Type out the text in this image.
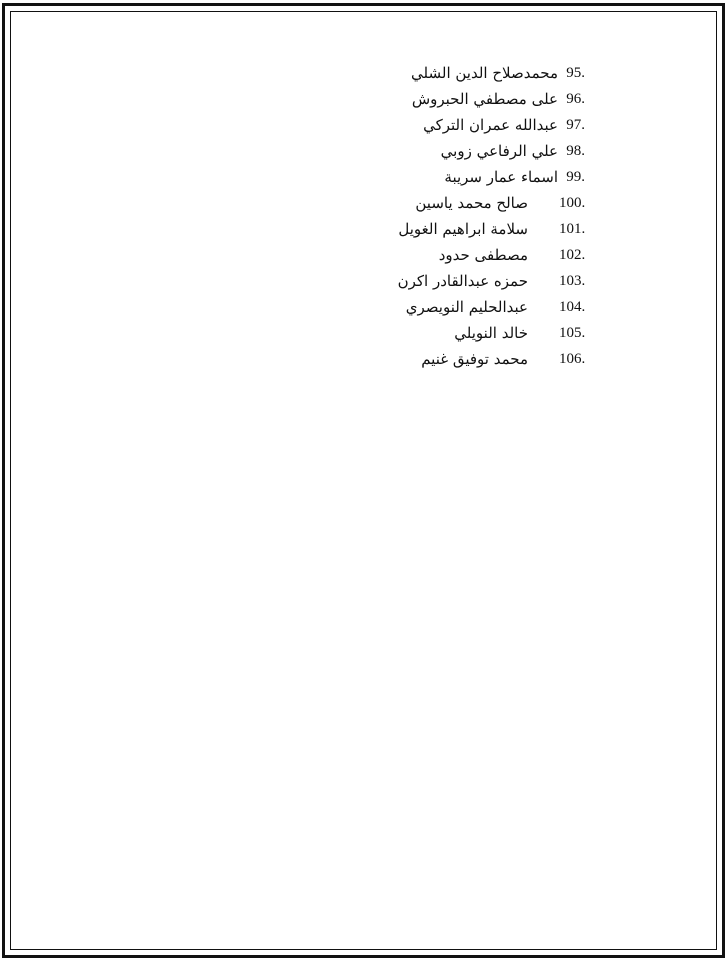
95.
محمدصلاح الدين الشلي
96.
على مصطفي الحبروش
97.
عبدالله عمران التركي
98.
علي الرفاعي زوبي
99.
اسماء عمار سريبة
100.
صالح محمد ياسين
101.
سلامة ابراهيم الغويل
102.
مصطفى حدود
103.
حمزه عبدالقادر اكرن
104.
عبدالحليم النويصري
105.
خالد النويلي
106.
محمد توفيق غنيم
